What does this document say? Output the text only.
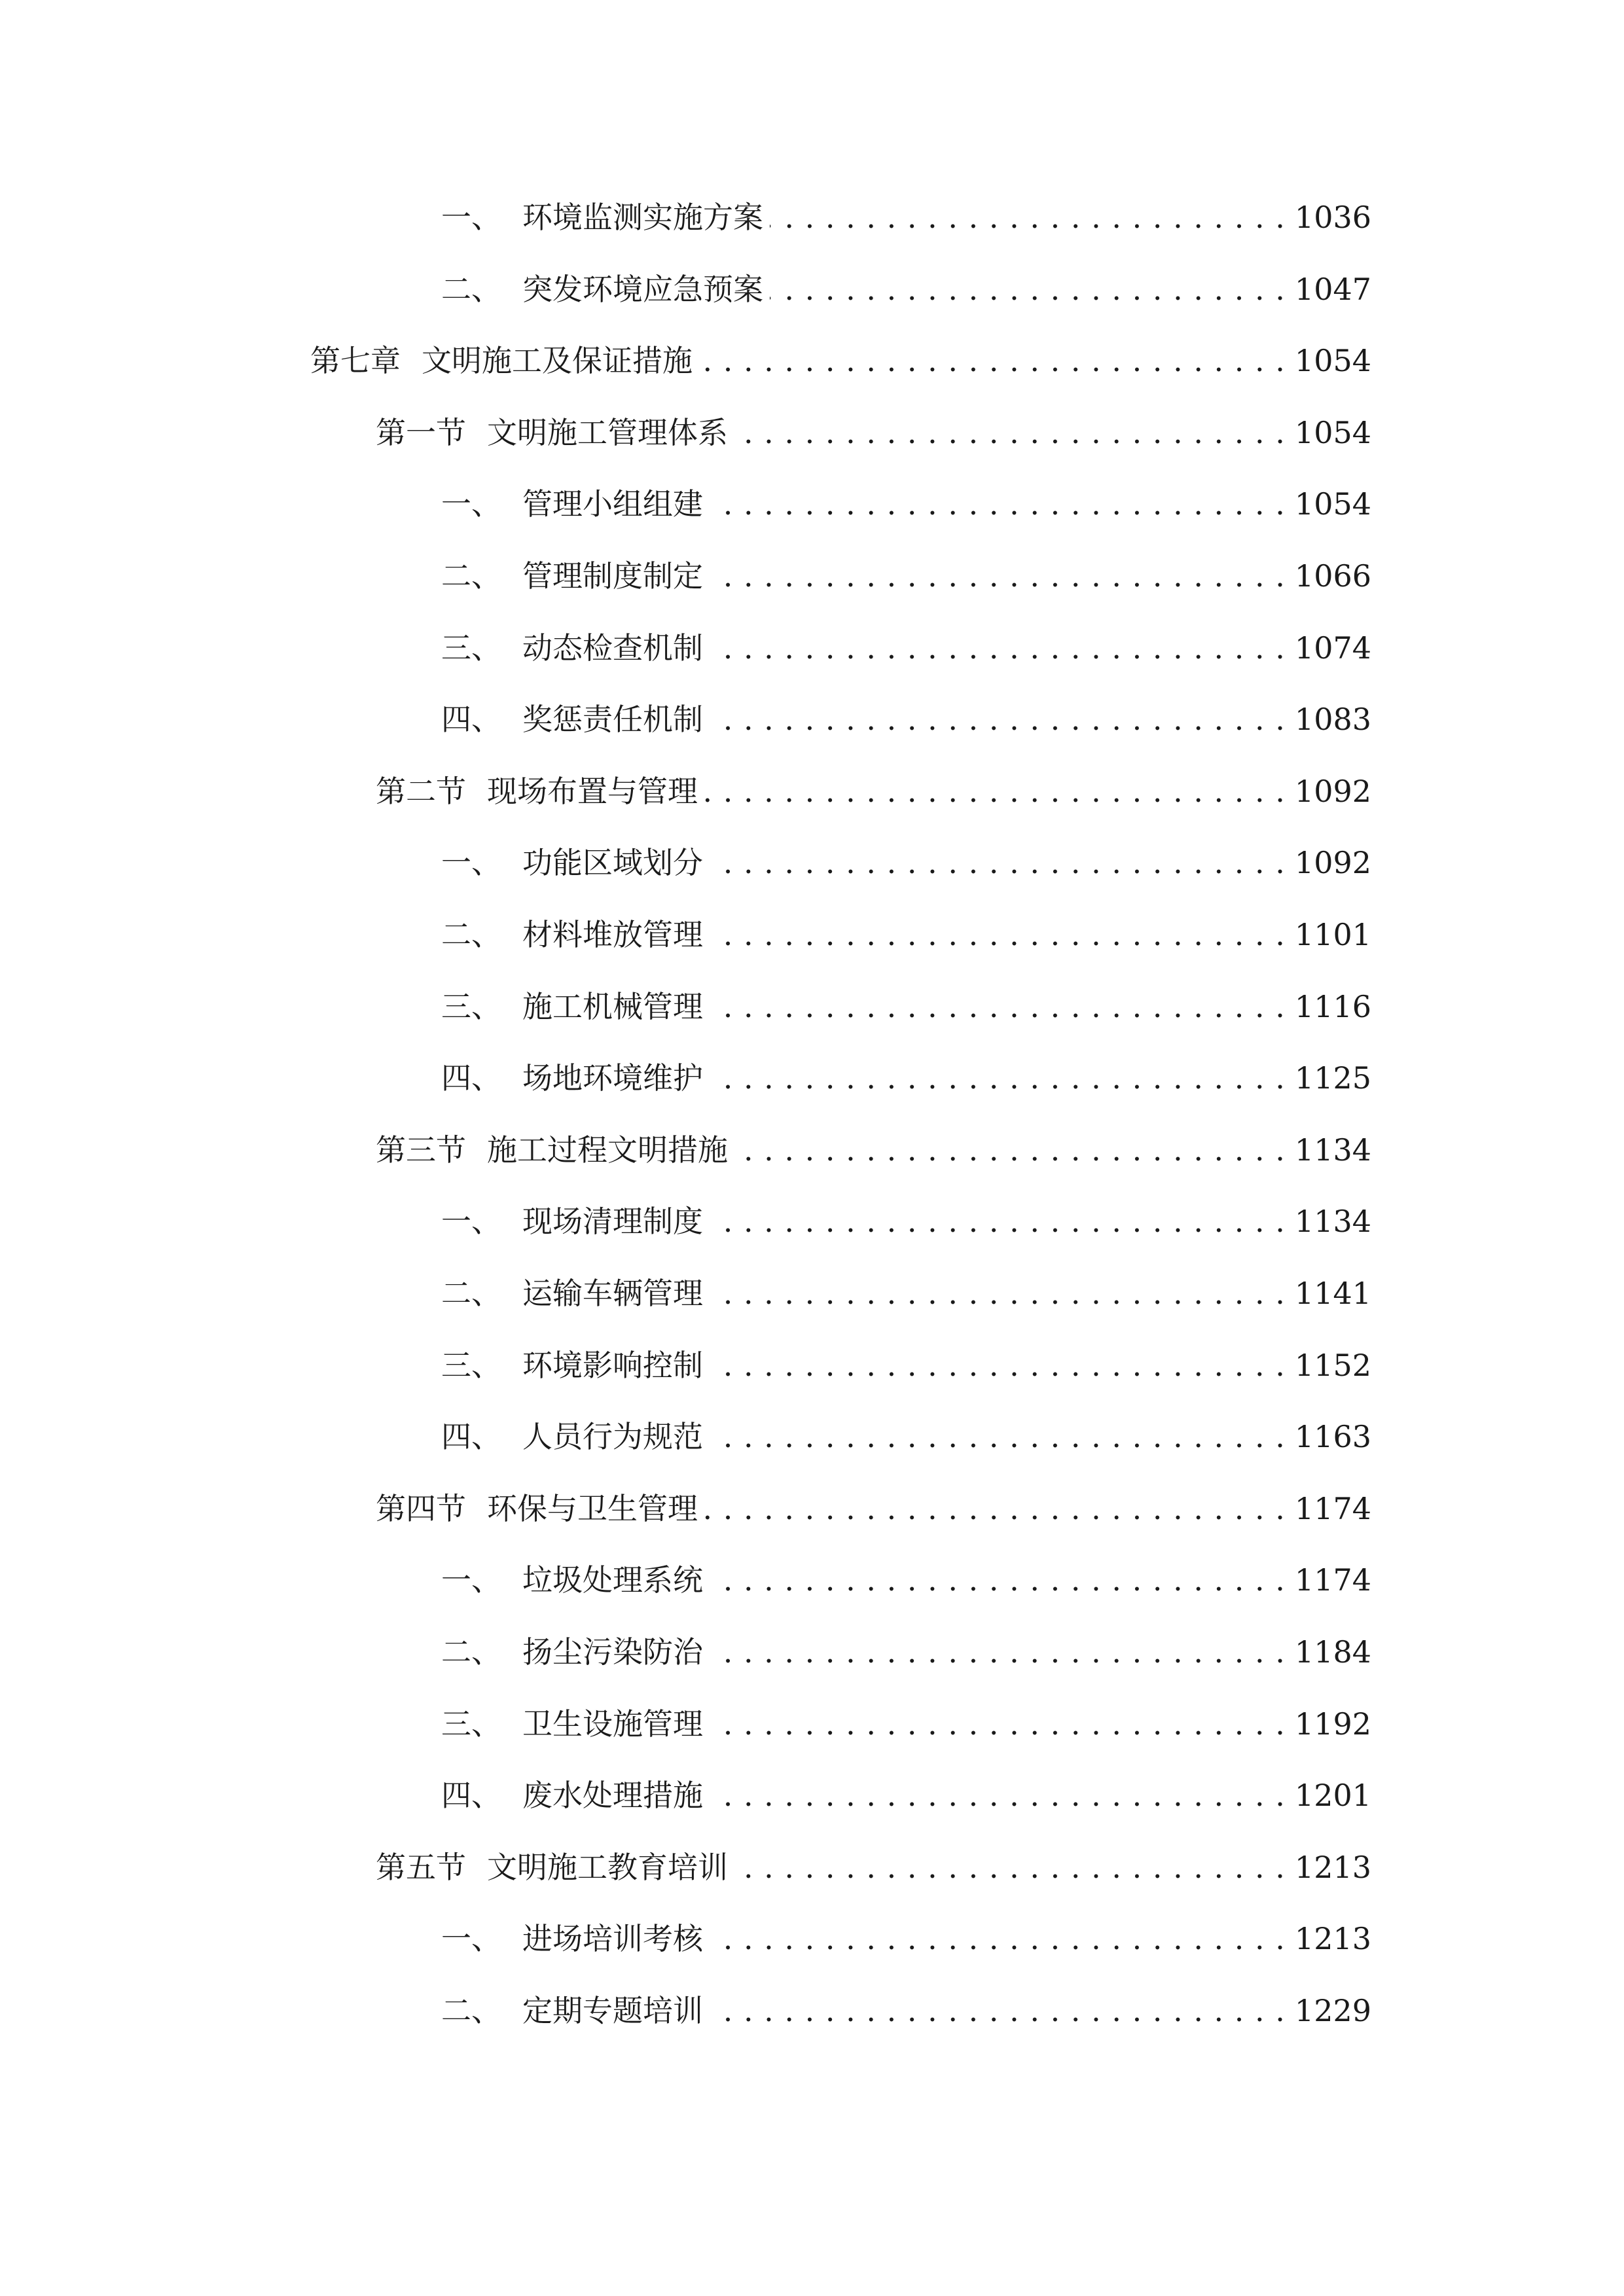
一、 环境监测实施方案 . . .	1036
二、 突发环境应急预案 . . .	1047
第七章 文明施工及保证措施 . . .	1054
第一节 文明施工管理体系 . . .	1054
一、 管理小组组建 . . .	1054
二、 管理制度制定 . . .	1066
三、 动态检查机制 . . .	1074
四、 奖惩责任机制 . . .	1083
第二节 现场布置与管理 . . .	1092
一、 功能区域划分 . . .	1092
二、 材料堆放管理 . . .	1101
三、 施工机械管理 . . .	1116
四、 场地环境维护 . . .	1125
第三节 施工过程文明措施 . . .	1134
一、 现场清理制度 . . .	1134
二、 运输车辆管理 . . .	1141
三、 环境影响控制 . . .	1152
四、 人员行为规范 . . .	1163
第四节 环保与卫生管理 . . .	1174
一、 垃圾处理系统 . . .	1174
二、 扬尘污染防治 . . .	1184
三、 卫生设施管理 . . .	1192
四、 废水处理措施 . . .	1201
第五节 文明施工教育培训 . . .	1213
一、 进场培训考核 . . .	1213
二、 定期专题培训 . . .	1229
